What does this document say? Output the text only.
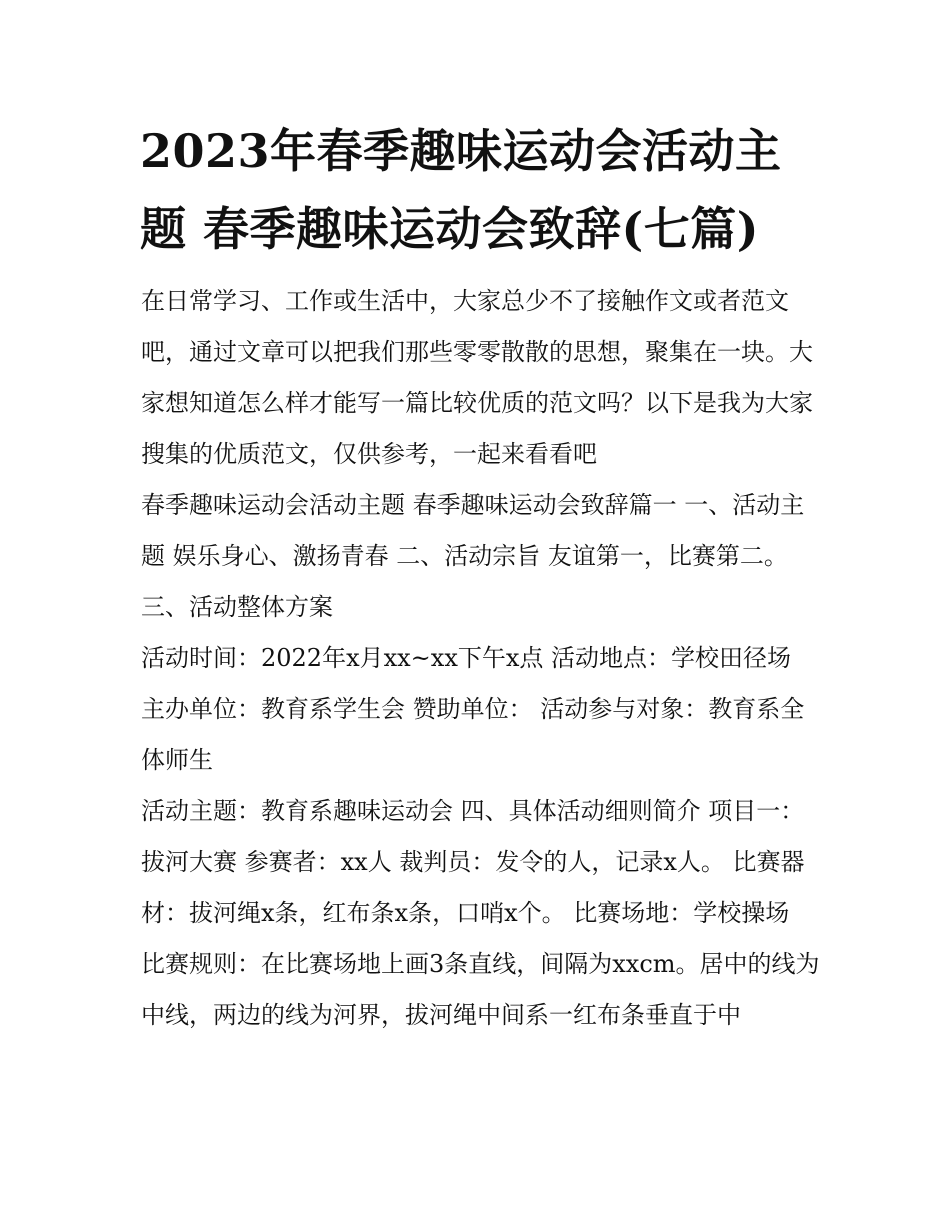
2023年春季趣味运动会活动主题 春季趣味运动会致辞(七篇)

在日常学习、工作或生活中，大家总少不了接触作文或者范文吧，通过文章可以把我们那些零零散散的思想，聚集在一块。大家想知道怎么样才能写一篇比较优质的范文吗？以下是我为大家搜集的优质范文，仅供参考，一起来看看吧

春季趣味运动会活动主题 春季趣味运动会致辞篇一 一、活动主题 娱乐身心、激扬青春 二、活动宗旨 友谊第一，比赛第二。 三、活动整体方案

活动时间：2022年x月xx~xx下午x点 活动地点：学校田径场 主办单位：教育系学生会 赞助单位： 活动参与对象：教育系全体师生

活动主题：教育系趣味运动会 四、具体活动细则简介 项目一：拔河大赛 参赛者：xx人 裁判员：发令的人，记录x人。 比赛器材：拔河绳x条，红布条x条，口哨x个。 比赛场地：学校操场

比赛规则：在比赛场地上画3条直线，间隔为xxcm。居中的线为中线，两边的线为河界，拔河绳中间系一红布条垂直于中
